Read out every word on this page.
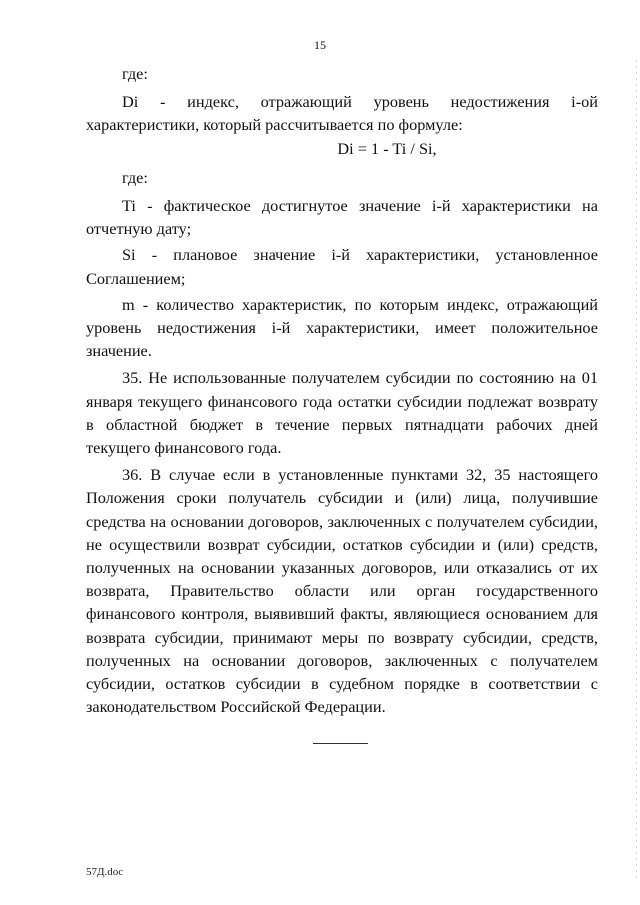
15

где:

Di - индекс, отражающий уровень недостижения i-ой характеристики, который рассчитывается по формуле:

Di = 1 - Ti / Si,

где:

Ti - фактическое достигнутое значение i-й характеристики на отчетную дату;

Si - плановое значение i-й характеристики, установленное Соглашением;

m - количество характеристик, по которым индекс, отражающий уровень недостижения i-й характеристики, имеет положительное значение.

35. Не использованные получателем субсидии по состоянию на 01 января текущего финансового года остатки субсидии подлежат возврату в областной бюджет в течение первых пятнадцати рабочих дней текущего финансового года.

36. В случае если в установленные пунктами 32, 35 настоящего Положения сроки получатель субсидии и (или) лица, получившие средства на основании договоров, заключенных с получателем субсидии, не осуществили возврат субсидии, остатков субсидии и (или) средств, полученных на основании указанных договоров, или отказались от их возврата, Правительство области или орган государственного финансового контроля, выявивший факты, являющиеся основанием для возврата субсидии, принимают меры по возврату субсидии, средств, полученных на основании договоров, заключенных с получателем субсидии, остатков субсидии в судебном порядке в соответствии с законодательством Российской Федерации.

57Д.doc
